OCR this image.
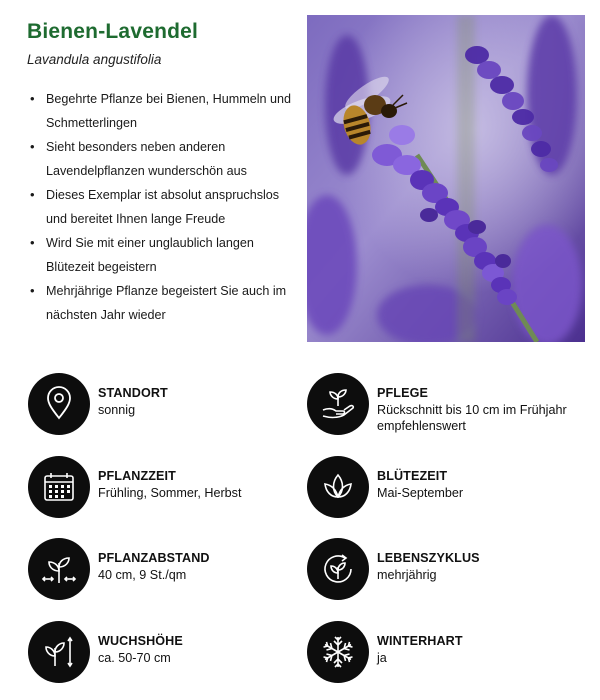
Bienen-Lavendel

Lavandula angustifolia

• Begehrte Pflanze bei Bienen, Hummeln und Schmetterlingen
• Sieht besonders neben anderen Lavendelpflanzen wunderschön aus
• Dieses Exemplar ist absolut anspruchslos und bereitet Ihnen lange Freude
• Wird Sie mit einer unglaublich langen Blütezeit begeistern
• Mehrjährige Pflanze begeistert Sie auch im nächsten Jahr wieder
STANDORT
sonnig
PFLEGE
Rückschnitt bis 10 cm im Frühjahr empfehlenswert
PFLANZZEIT
Frühling, Sommer, Herbst
BLÜTEZEIT
Mai-September
PFLANZABSTAND
40 cm, 9 St./qm
LEBENSZYKLUS
mehrjährig
WUCHSHÖHE
ca. 50-70 cm
WINTERHART
ja
